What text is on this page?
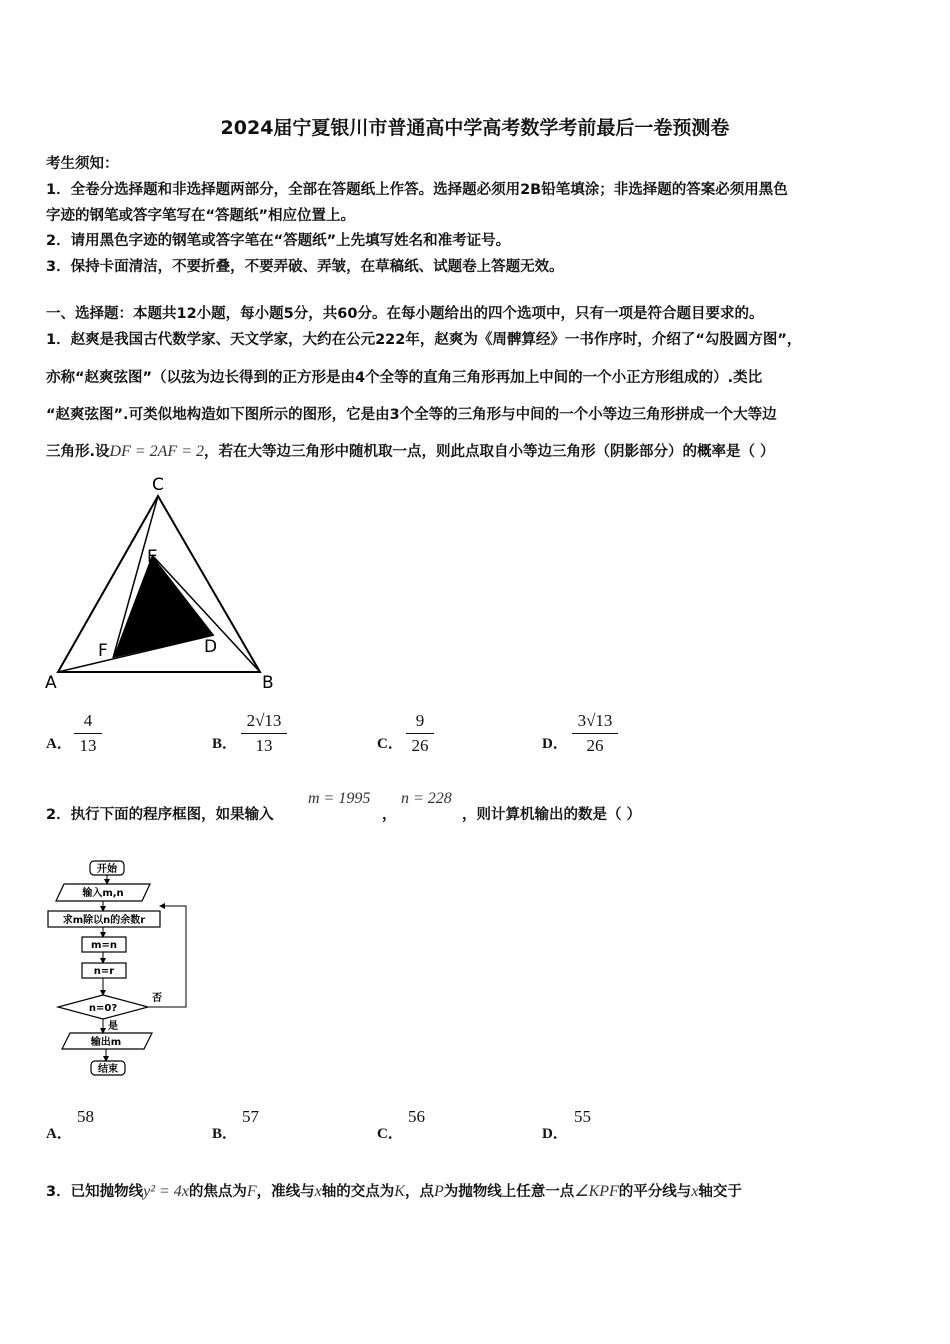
2024届宁夏银川市普通高中学高考数学考前最后一卷预测卷
考生须知：
1．全卷分选择题和非选择题两部分，全部在答题纸上作答。选择题必须用2B铅笔填涂；非选择题的答案必须用黑色
字迹的钢笔或答字笔写在“答题纸”相应位置上。
2．请用黑色字迹的钢笔或答字笔在“答题纸”上先填写姓名和准考证号。
3．保持卡面清洁，不要折叠，不要弄破、弄皱，在草稿纸、试题卷上答题无效。
一、选择题：本题共12小题，每小题5分，共60分。在每小题给出的四个选项中，只有一项是符合题目要求的。
1．赵爽是我国古代数学家、天文学家，大约在公元222年，赵爽为《周髀算经》一书作序时，介绍了“勾股圆方图”，
亦称“赵爽弦图”（以弦为边长得到的正方形是由4个全等的直角三角形再加上中间的一个小正方形组成的）.类比
“赵爽弦图”.可类似地构造如下图所示的图形，它是由3个全等的三角形与中间的一个小等边三角形拼成一个大等边
三角形.设DF = 2AF = 2，若在大等边三角形中随机取一点，则此点取自小等边三角形（阴影部分）的概率是（ ）
C
E
D
F
A	B
A．
4
13	B．
2√13
13	C．
9
26	D．
3√13
26
2．执行下面的程序框图，如果输入
m = 1995
，
n = 228
，则计算机输出的数是（ ）
开始
输入m,n
求m除以n的余数r
m=n
n=r
n=0?
否
是
输出m
结束
A．
58
B．
57
C．
56
D．
55
3．已知抛物线y² = 4x的焦点为F，准线与x轴的交点为K，点P为抛物线上任意一点∠KPF的平分线与x轴交于
